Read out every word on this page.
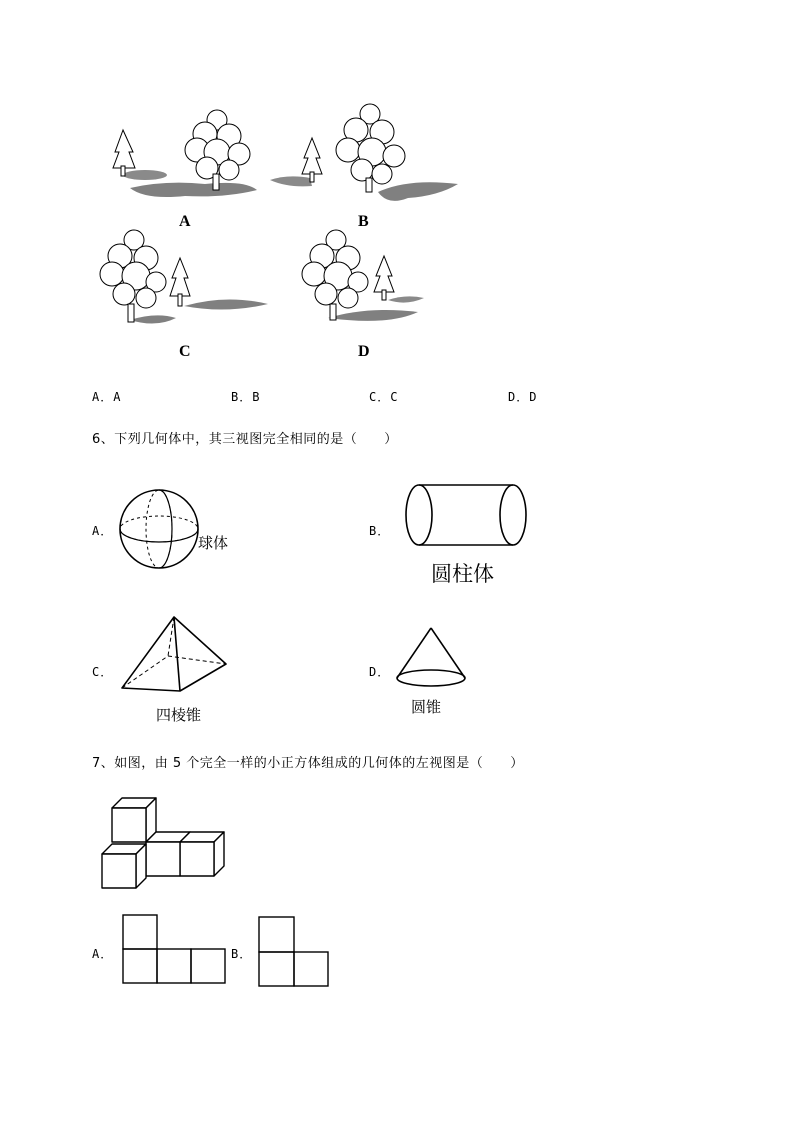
A	B
C	D
A．A	B．B	C．C	D．D
6、下列几何体中，其三视图完全相同的是（　　）
A．
球体
B．
圆柱体
C．
四棱锥
D．
圆锥
7、如图，由 5 个完全一样的小正方体组成的几何体的左视图是（　　）
A．	B．
